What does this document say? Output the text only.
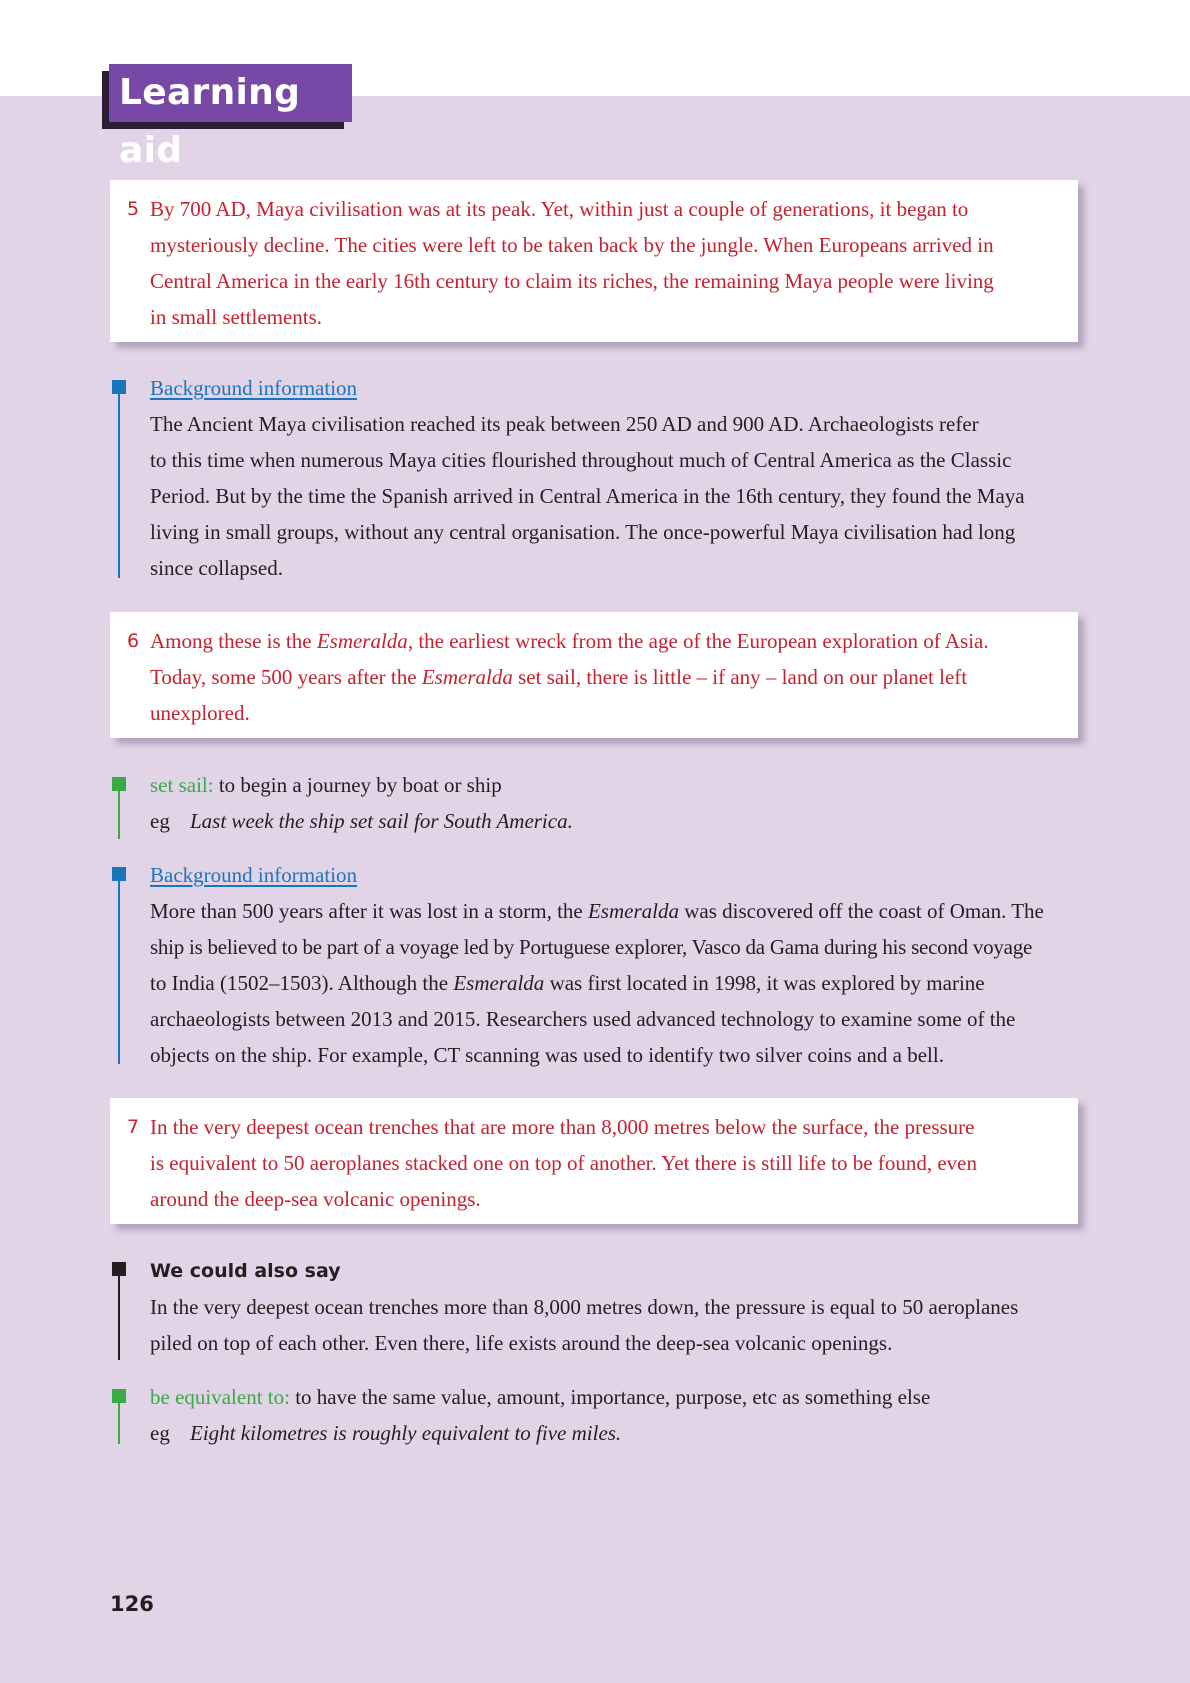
Learning aid
5 By 700 AD, Maya civilisation was at its peak. Yet, within just a couple of generations, it began to

mysteriously decline. The cities were left to be taken back by the jungle. When Europeans arrived in

Central America in the early 16th century to claim its riches, the remaining Maya people were living

in small settlements.

Background information

The Ancient Maya civilisation reached its peak between 250 AD and 900 AD. Archaeologists refer

to this time when numerous Maya cities flourished throughout much of Central America as the Classic

Period. But by the time the Spanish arrived in Central America in the 16th century, they found the Maya

living in small groups, without any central organisation. The once-powerful Maya civilisation had long

since collapsed.

6 Among these is the Esmeralda, the earliest wreck from the age of the European exploration of Asia.

Today, some 500 years after the Esmeralda set sail, there is little – if any – land on our planet left

unexplored.

set sail: to begin a journey by boat or ship

eg Last week the ship set sail for South America.

Background information

More than 500 years after it was lost in a storm, the Esmeralda was discovered off the coast of Oman. The

ship is believed to be part of a voyage led by Portuguese explorer, Vasco da Gama during his second voyage

to India (1502–1503). Although the Esmeralda was first located in 1998, it was explored by marine

archaeologists between 2013 and 2015. Researchers used advanced technology to examine some of the

objects on the ship. For example, CT scanning was used to identify two silver coins and a bell.

7 In the very deepest ocean trenches that are more than 8,000 metres below the surface, the pressure

is equivalent to 50 aeroplanes stacked one on top of another. Yet there is still life to be found, even

around the deep-sea volcanic openings.

We could also say

In the very deepest ocean trenches more than 8,000 metres down, the pressure is equal to 50 aeroplanes

piled on top of each other. Even there, life exists around the deep-sea volcanic openings.

be equivalent to: to have the same value, amount, importance, purpose, etc as something else

eg Eight kilometres is roughly equivalent to five miles.

126
